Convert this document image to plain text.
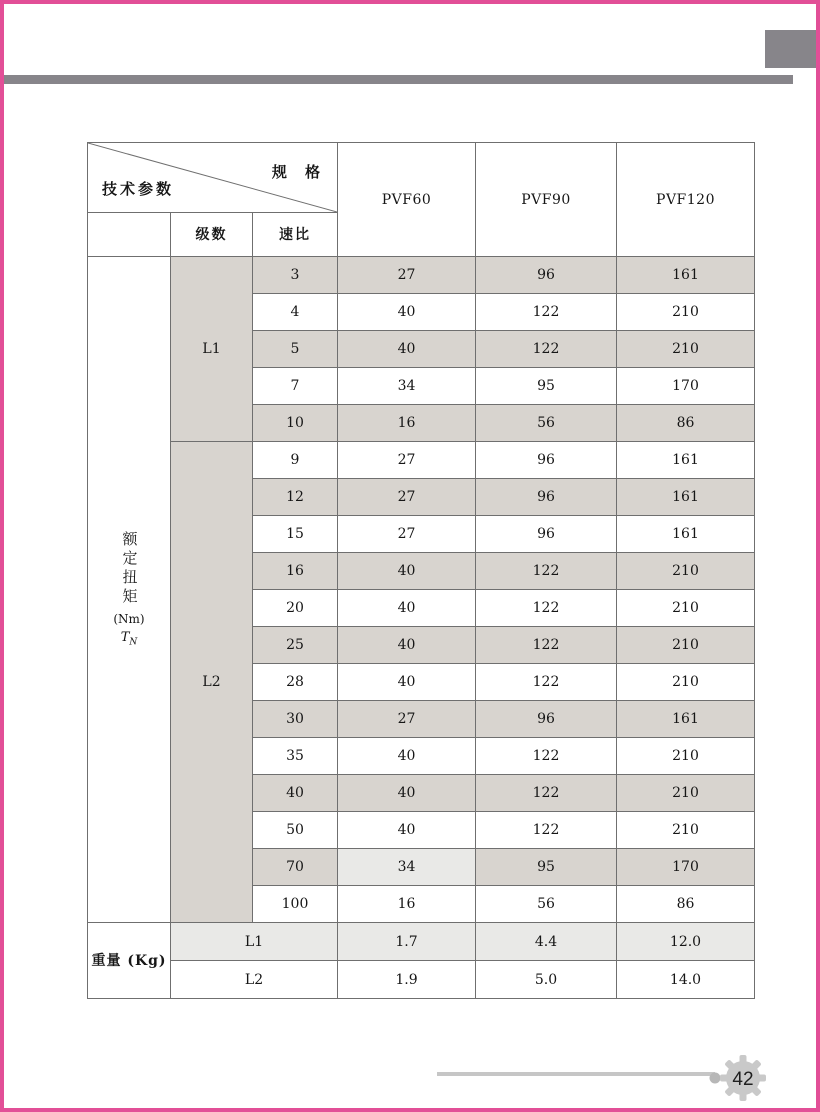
规 格
技术参数			PVF60	PVF90	PVF120
	级数	速比			

额定扭矩
(Nm)
$T_N$	L1	3	27	96	161
		4	40	122	210
		5	40	122	210
		7	34	95	170
		10	16	56	86
	L2	9	27	96	161
		12	27	96	161
		15	27	96	161
		16	40	122	210
		20	40	122	210
		25	40	122	210
		28	40	122	210
		30	27	96	161
		35	40	122	210
		40	40	122	210
		50	40	122	210
		70	34	95	170
		100	16	56	86
重量 (Kg)	L1		1.7	4.4	12.0
	L2		1.9	5.0	14.0
42
